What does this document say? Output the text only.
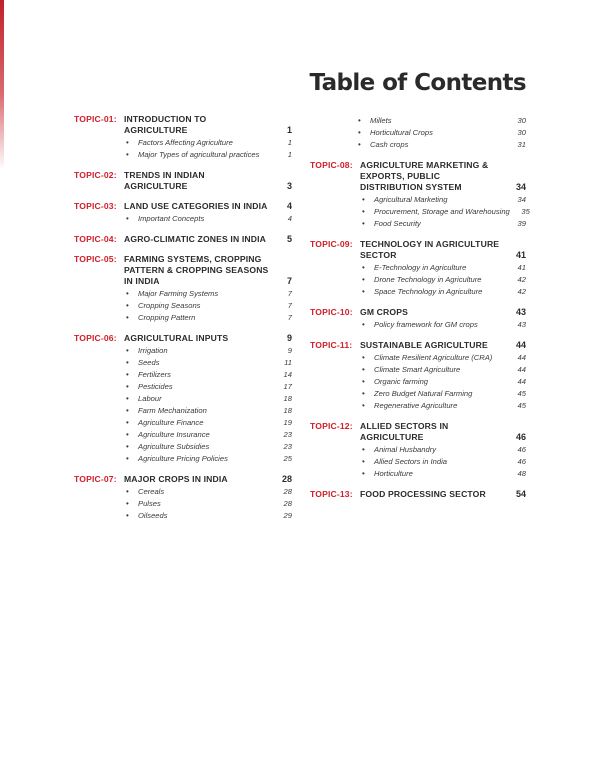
Table of Contents
TOPIC-01: INTRODUCTION TO AGRICULTURE	1
•	Factors Affecting Agriculture	1
•	Major Types of agricultural practices	1
TOPIC-02: TRENDS IN INDIAN AGRICULTURE	3
TOPIC-03: LAND USE CATEGORIES IN INDIA	4
•	Important Concepts	4
TOPIC-04: AGRO-CLIMATIC ZONES IN INDIA	5
TOPIC-05: FARMING SYSTEMS, CROPPING PATTERN & CROPPING SEASONS IN INDIA	7
•	Major Farming Systems	7
•	Cropping Seasons	7
•	Cropping Pattern	7
TOPIC-06: AGRICULTURAL INPUTS	9
•	Irrigation	9
•	Seeds	11
•	Fertilizers	14
•	Pesticides	17
•	Labour	18
•	Farm Mechanization	18
•	Agriculture Finance	19
•	Agriculture Insurance	23
•	Agriculture Subsidies	23
•	Agriculture Pricing Policies	25
TOPIC-07: MAJOR CROPS IN INDIA	28
•	Cereals	28
•	Pulses	28
•	Oilseeds	29
•	Millets	30
•	Horticultural Crops	30
•	Cash crops	31
TOPIC-08: AGRICULTURE MARKETING & EXPORTS, PUBLIC DISTRIBUTION SYSTEM	34
•	Agricultural Marketing	34
•	Procurement, Storage and Warehousing	35
•	Food Security	39
TOPIC-09: TECHNOLOGY IN AGRICULTURE SECTOR	41
•	E-Technology in Agriculture	41
•	Drone Technology in Agriculture	42
•	Space Technology in Agriculture	42
TOPIC-10: GM CROPS	43
•	Policy framework for GM crops	43
TOPIC-11: SUSTAINABLE AGRICULTURE	44
•	Climate Resilient Agriculture (CRA)	44
•	Climate Smart Agriculture	44
•	Organic farming	44
•	Zero Budget Natural Farming	45
•	Regenerative Agriculture	45
TOPIC-12: ALLIED SECTORS IN AGRICULTURE	46
•	Animal Husbandry	46
•	Allied Sectors in India	46
•	Horticulture	48
TOPIC-13: FOOD PROCESSING SECTOR	54
